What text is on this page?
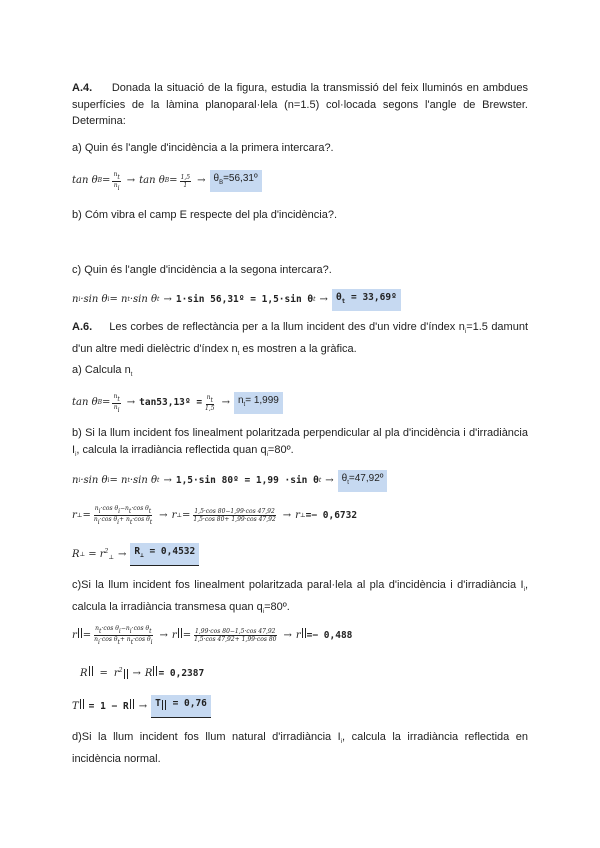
A.4. Donada la situació de la figura, estudia la transmissió del feix lluminós en ambdues superfícies de la làmina planoparal·lela (n=1.5) col·locada segons l'angle de Brewster. Determina:

a) Quin és l'angle d'incidència a la primera intercara?.

tan θ $B = \frac{nt}{ni} \to \tan \theta$ $B = \frac{1,5}{1}$ → $\theta_B=56,31º$

b) Cóm vibra el camp E respecte del pla d'incidència?.

c) Quin és l'angle d'incidència a la segona intercara?.

n i ·sin θ i = n t ·sin θ t → 1·sin 56,31º = 1,5·sin θ $t \to \theta_t$ = 33,69º

A.6. Les corbes de reflectància per a la llum incident des d'un vidre d'índex $n_i=1.5$ damunt d'un altre medi dielèctric d'índex $n_t$ es mostren a la gràfica.

a) Calcula $n_t$

tan θ $B = \frac{nt}{ni}$ → tan53,13º = $\frac{nt}{1,5} \to n_t= 1,999$

b) Si la llum incident fos linealment polaritzada perpendicular al pla d'incidència i d'irradiància $I_i$, calcula la irradiància reflectida quan $q_i=80º$.

n i ·sin θ i = n t ·sin θ t → 1,5·sin 80º = 1,99 ·sin θ $t \to \theta_t=47,92º$
r ⊥ = $\frac{\text{ni·cos θi−nt·cos θt}}{\text{ni·cos θi+ nt·cos θt}} \to r$ ⊥ = $\frac{1,5\cdot\cos 80-1,99\cdot\cos 47,92}{1,5\cdot\cos 80+ 1,99\cdot\cos 47,92} \to r$ ⊥ =− 0,6732
R ⊥ = r 2⊥ → $R_\perp = 0,4532$

c)Si la llum incident fos linealment polaritzada paral·lela al pla d'incidència i d'irradiància $I_i$, calcula la irradiància transmesa quan $q_i=80º$.

$r = \frac{\text{nt·cos θi−ni·cos θt}}{\text{ni·cos θt+ nt·cos θi}} \to r = \frac{1,99\cdot\cos 80-1,5\cdot\cos 47,92}{1,5\cdot\cos 47,92+ 1,99\cdot\cos 80} \to r =- 0,488$
R = r 2	→ R = 0,2387
T = 1 − R → T = 0,76

d)Si la llum incident fos llum natural d'irradiància $I_i$, calcula la irradiància reflectida en incidència normal.
